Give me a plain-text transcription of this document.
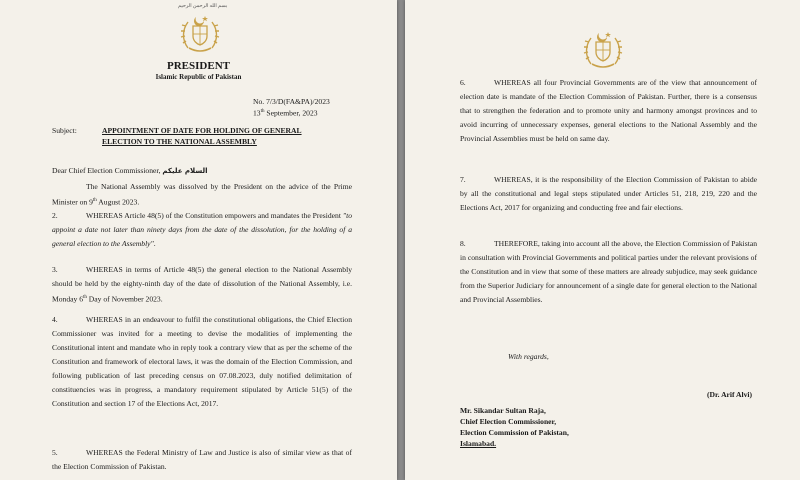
بسم الله الرحمن الرحيم
PRESIDENT
Islamic Republic of Pakistan
No. 7/3/D(FA&PA)/2023
13th September, 2023
Subject:	APPOINTMENT OF DATE FOR HOLDING OF GENERAL
ELECTION TO THE NATIONAL ASSEMBLY
Dear Chief Election Commissioner, السلام علیکم
The National Assembly was dissolved by the President on the advice of the Prime Minister on 9th August 2023.
2.	WHEREAS Article 48(5) of the Constitution empowers and mandates the President "to appoint a date not later than ninety days from the date of the dissolution, for the holding of a general election to the Assembly".
3.	WHEREAS in terms of Article 48(5) the general election to the National Assembly should be held by the eighty-ninth day of the date of dissolution of the National Assembly, i.e. Monday 6th Day of November 2023.
4.	WHEREAS in an endeavour to fulfil the constitutional obligations, the Chief Election Commissioner was invited for a meeting to devise the modalities of implementing the Constitutional intent and mandate who in reply took a contrary view that as per the scheme of the Constitution and framework of electoral laws, it was the domain of the Election Commission, and following publication of last preceding census on 07.08.2023, duly notified delimitation of constituencies was in progress, a mandatory requirement stipulated by Article 51(5) of the Constitution and section 17 of the Elections Act, 2017.
5.	WHEREAS the Federal Ministry of Law and Justice is also of similar view as that of the Election Commission of Pakistan.
6.	WHEREAS all four Provincial Governments are of the view that announcement of election date is mandate of the Election Commission of Pakistan. Further, there is a consensus that to strengthen the federation and to promote unity and harmony amongst provinces and to avoid incurring of unnecessary expenses, general elections to the National Assembly and the Provincial Assemblies must be held on same day.
7.	WHEREAS, it is the responsibility of the Election Commission of Pakistan to abide by all the constitutional and legal steps stipulated under Articles 51, 218, 219, 220 and the Elections Act, 2017 for organizing and conducting free and fair elections.
8.	THEREFORE, taking into account all the above, the Election Commission of Pakistan in consultation with Provincial Governments and political parties under the relevant provisions of the Constitution and in view that some of these matters are already subjudice, may seek guidance from the Superior Judiciary for announcement of a single date for general election to the National and Provincial Assemblies.
With regards,
(Dr. Arif Alvi)
Mr. Sikandar Sultan Raja,
Chief Election Commissioner,
Election Commission of Pakistan,
Islamabad.
